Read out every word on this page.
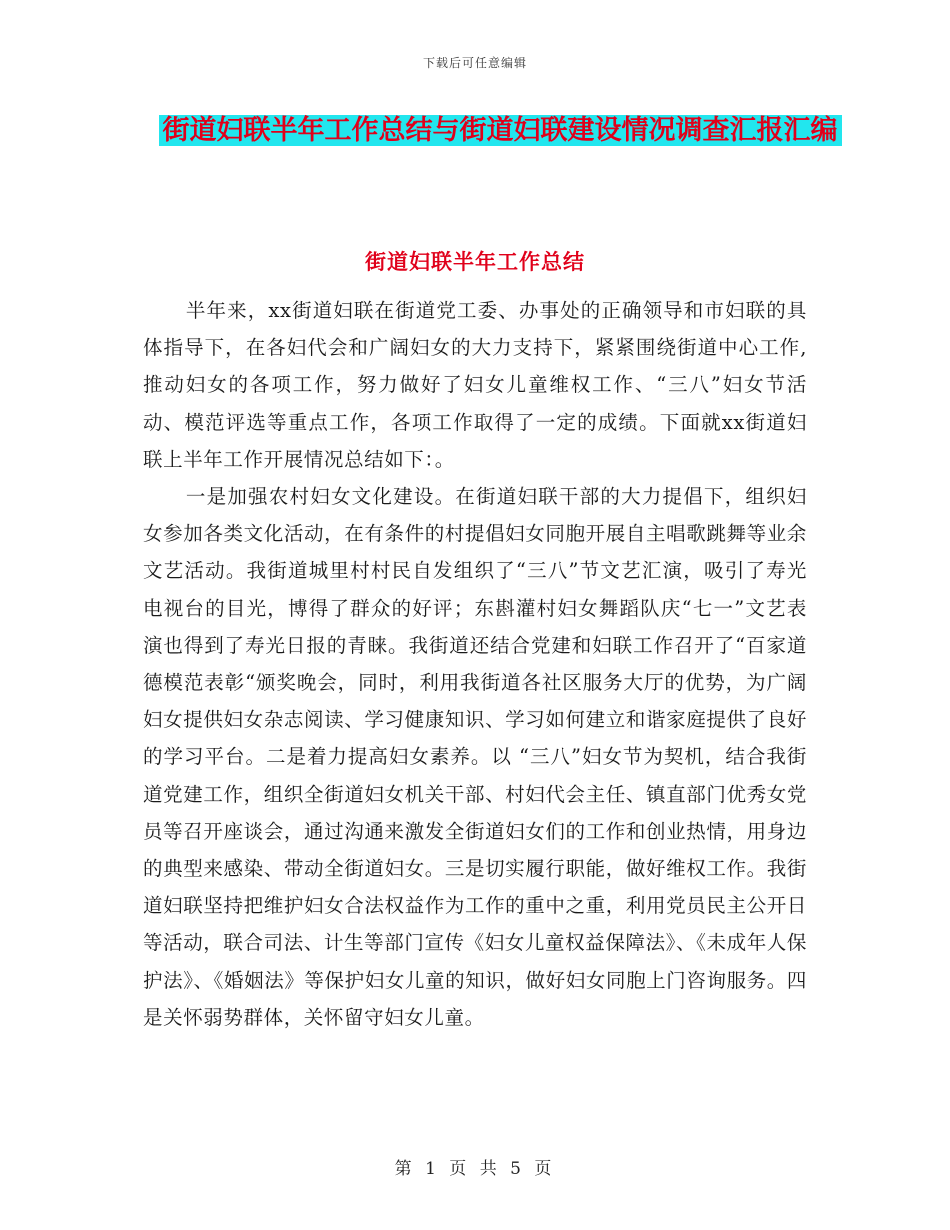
下载后可任意编辑
街道妇联半年工作总结与街道妇联建设情况调查汇报汇编
街道妇联半年工作总结

半年来，xx街道妇联在街道党工委、办事处的正确领导和市妇联的具体指导下，在各妇代会和广阔妇女的大力支持下，紧紧围绕街道中心工作,推动妇女的各项工作，努力做好了妇女儿童维权工作、“三八”妇女节活动、模范评选等重点工作，各项工作取得了一定的成绩。下面就xx街道妇联上半年工作开展情况总结如下：。

一是加强农村妇女文化建设。在街道妇联干部的大力提倡下，组织妇女参加各类文化活动，在有条件的村提倡妇女同胞开展自主唱歌跳舞等业余文艺活动。我街道城里村村民自发组织了“三八”节文艺汇演，吸引了寿光电视台的目光，博得了群众的好评；东斟灌村妇女舞蹈队庆“七一”文艺表演也得到了寿光日报的青睐。我街道还结合党建和妇联工作召开了“百家道德模范表彰“颁奖晚会，同时，利用我街道各社区服务大厅的优势，为广阔妇女提供妇女杂志阅读、学习健康知识、学习如何建立和谐家庭提供了良好的学习平台。二是着力提高妇女素养。以 “三八”妇女节为契机，结合我街道党建工作，组织全街道妇女机关干部、村妇代会主任、镇直部门优秀女党员等召开座谈会，通过沟通来激发全街道妇女们的工作和创业热情，用身边的典型来感染、带动全街道妇女。三是切实履行职能，做好维权工作。我街道妇联坚持把维护妇女合法权益作为工作的重中之重，利用党员民主公开日等活动，联合司法、计生等部门宣传《妇女儿童权益保障法》、《未成年人保护法》、《婚姻法》等保护妇女儿童的知识，做好妇女同胞上门咨询服务。四是关怀弱势群体，关怀留守妇女儿童。

第 1 页 共 5 页
